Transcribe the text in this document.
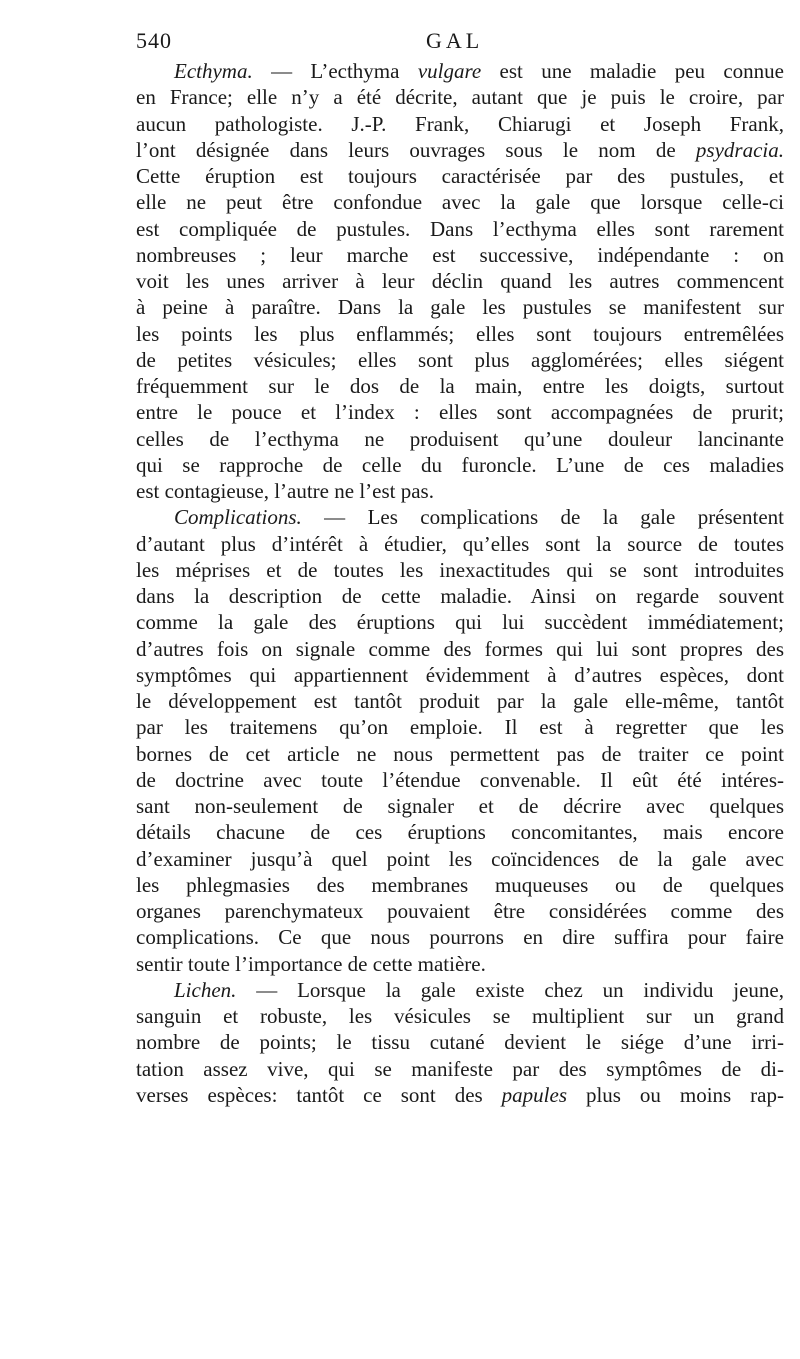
540	GAL
Ecthyma. — L’ecthyma vulgare est une maladie peu connue
en France; elle n’y a été décrite, autant que je puis le croire, par
aucun pathologiste. J.-P. Frank, Chiarugi et Joseph Frank,
l’ont désignée dans leurs ouvrages sous le nom de psydracia.
Cette éruption est toujours caractérisée par des pustules, et
elle ne peut être confondue avec la gale que lorsque celle-ci
est compliquée de pustules. Dans l’ecthyma elles sont rarement
nombreuses ; leur marche est successive, indépendante : on
voit les unes arriver à leur déclin quand les autres commencent
à peine à paraître. Dans la gale les pustules se manifestent sur
les points les plus enflammés; elles sont toujours entremêlées
de petites vésicules; elles sont plus agglomérées; elles siégent
fréquemment sur le dos de la main, entre les doigts, surtout
entre le pouce et l’index : elles sont accompagnées de prurit;
celles de l’ecthyma ne produisent qu’une douleur lancinante
qui se rapproche de celle du furoncle. L’une de ces maladies
est contagieuse, l’autre ne l’est pas.
Complications. — Les complications de la gale présentent
d’autant plus d’intérêt à étudier, qu’elles sont la source de toutes
les méprises et de toutes les inexactitudes qui se sont introduites
dans la description de cette maladie. Ainsi on regarde souvent
comme la gale des éruptions qui lui succèdent immédiatement;
d’autres fois on signale comme des formes qui lui sont propres des
symptômes qui appartiennent évidemment à d’autres espèces, dont
le développement est tantôt produit par la gale elle-même, tantôt
par les traitemens qu’on emploie. Il est à regretter que les
bornes de cet article ne nous permettent pas de traiter ce point
de doctrine avec toute l’étendue convenable. Il eût été intéres-
sant non-seulement de signaler et de décrire avec quelques
détails chacune de ces éruptions concomitantes, mais encore
d’examiner jusqu’à quel point les coïncidences de la gale avec
les phlegmasies des membranes muqueuses ou de quelques
organes parenchymateux pouvaient être considérées comme des
complications. Ce que nous pourrons en dire suffira pour faire
sentir toute l’importance de cette matière.
Lichen. — Lorsque la gale existe chez un individu jeune,
sanguin et robuste, les vésicules se multiplient sur un grand
nombre de points; le tissu cutané devient le siége d’une irri-
tation assez vive, qui se manifeste par des symptômes de di-
verses espèces: tantôt ce sont des papules plus ou moins rap-
